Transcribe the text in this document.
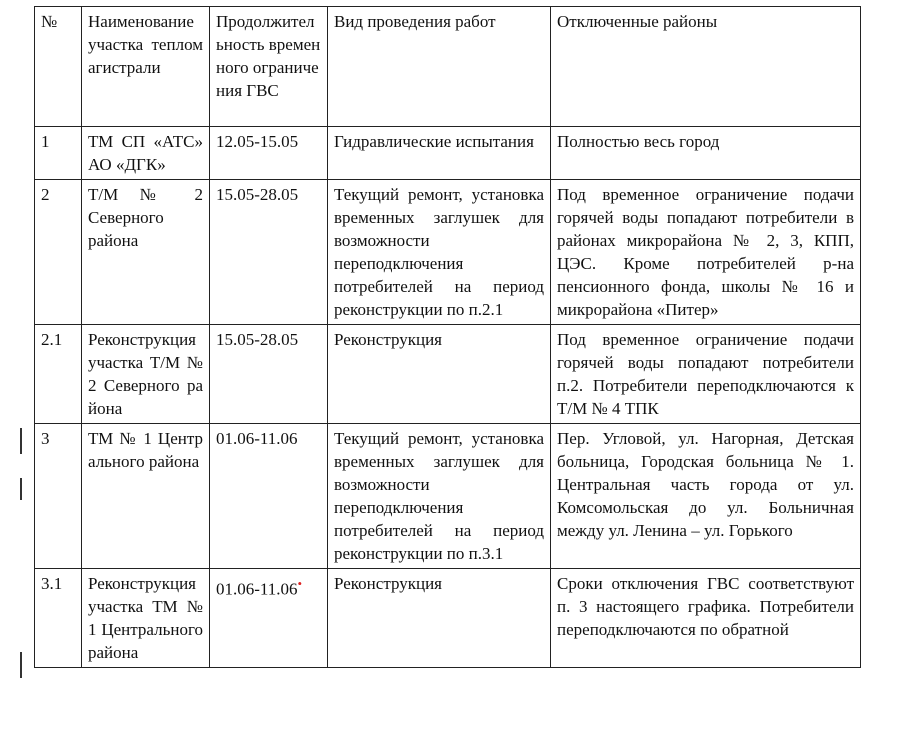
№	Наименование участка тепломагистрали	Продолжительность временного ограничения ГВС	Вид проведения работ	Отключенные районы
1	ТМ СП «АТС» АО «ДГК»	12.05-15.05	Гидравлические испытания	Полностью весь город
2	Т/М № 2 Северного района	15.05-28.05	Текущий ремонт, установка временных заглушек для возможности переподключения потребителей на период реконструкции по п.2.1	Под временное ограничение подачи горячей воды попадают потребители в районах микрорайона № 2, 3, КПП, ЦЭС. Кроме потребителей р-на пенсионного фонда, школы № 16 и микрорайона «Питер»
2.1	Реконструкция участка Т/М № 2 Северного района	15.05-28.05	Реконструкция	Под временное ограничение подачи горячей воды попадают потребители п.2. Потребители переподключаются к Т/М № 4 ТПК
3	ТМ № 1 Центрального района	01.06-11.06	Текущий ремонт, установка временных заглушек для возможности переподключения потребителей на период реконструкции по п.3.1	Пер. Угловой, ул. Нагорная, Детская больница, Городская больница № 1. Центральная часть города от ул. Комсомольская до ул. Больничная между ул. Ленина – ул. Горького
3.1	Реконструкция участка ТМ № 1 Центрального района	01.06-11.06•	Реконструкция	Сроки отключения ГВС соответствуют п. 3 настоящего графика. Потребители переподключаются по обратной
